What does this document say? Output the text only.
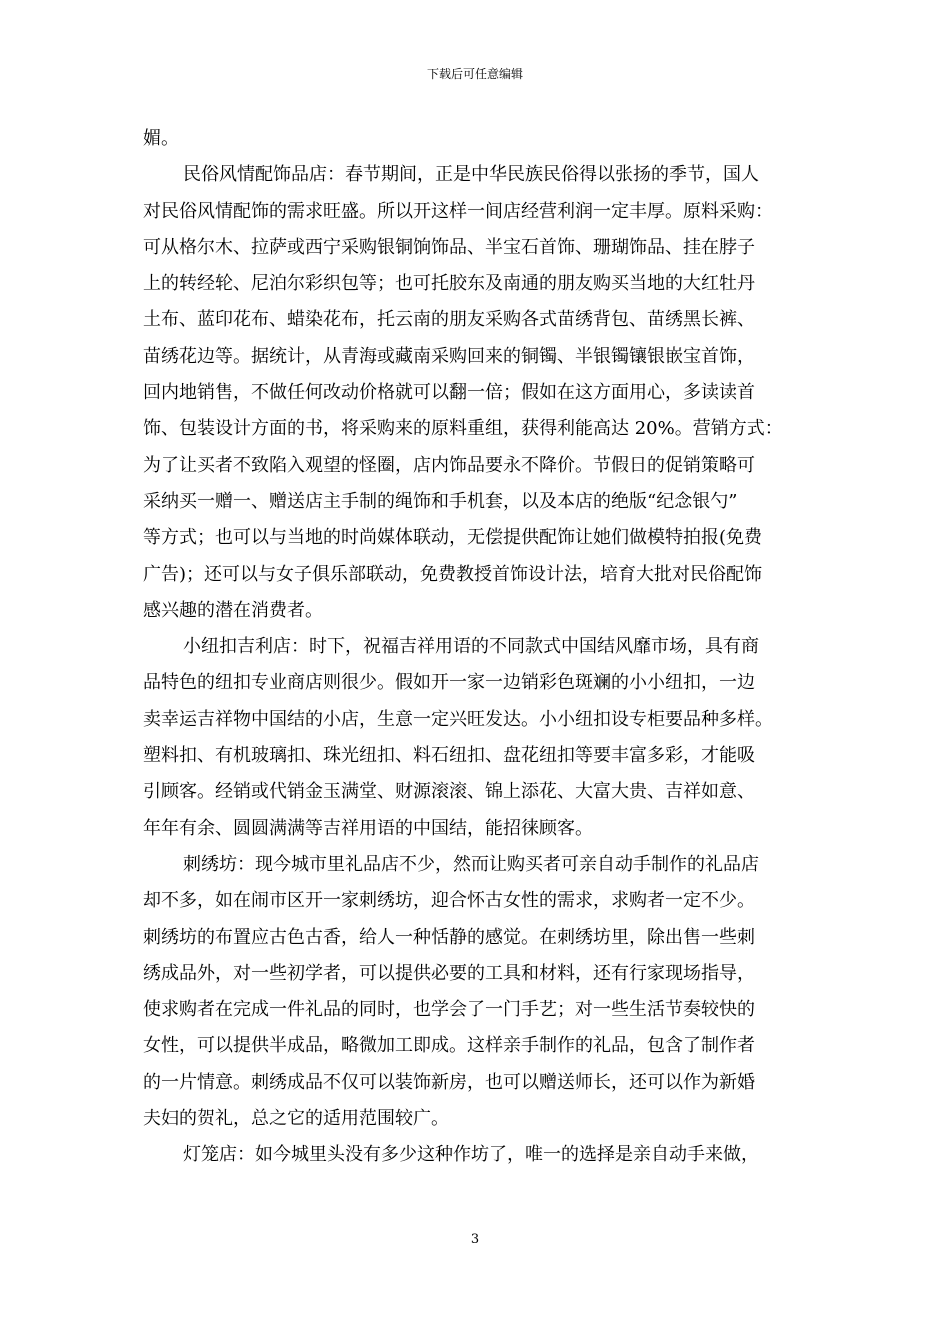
下载后可任意编辑
媚。
民俗风情配饰品店：春节期间，正是中华民族民俗得以张扬的季节，国人
对民俗风情配饰的需求旺盛。所以开这样一间店经营利润一定丰厚。原料采购：
可从格尔木、拉萨或西宁采购银铜饷饰品、半宝石首饰、珊瑚饰品、挂在脖子
上的转经轮、尼泊尔彩织包等；也可托胶东及南通的朋友购买当地的大红牡丹
土布、蓝印花布、蜡染花布，托云南的朋友采购各式苗绣背包、苗绣黑长裤、
苗绣花边等。据统计，从青海或藏南采购回来的铜镯、半银镯镶银嵌宝首饰，
回内地销售，不做任何改动价格就可以翻一倍；假如在这方面用心，多读读首
饰、包装设计方面的书，将采购来的原料重组，获得利能高达 20%。营销方式：
为了让买者不致陷入观望的怪圈，店内饰品要永不降价。节假日的促销策略可
采纳买一赠一、赠送店主手制的绳饰和手机套，以及本店的绝版“纪念银勺”
等方式；也可以与当地的时尚媒体联动，无偿提供配饰让她们做模特拍报(免费
广告)；还可以与女子俱乐部联动，免费教授首饰设计法，培育大批对民俗配饰
感兴趣的潜在消费者。
小纽扣吉利店：时下，祝福吉祥用语的不同款式中国结风靡市场，具有商
品特色的纽扣专业商店则很少。假如开一家一边销彩色斑斓的小小纽扣，一边
卖幸运吉祥物中国结的小店，生意一定兴旺发达。小小纽扣设专柜要品种多样。
塑料扣、有机玻璃扣、珠光纽扣、料石纽扣、盘花纽扣等要丰富多彩，才能吸
引顾客。经销或代销金玉满堂、财源滚滚、锦上添花、大富大贵、吉祥如意、
年年有余、圆圆满满等吉祥用语的中国结，能招徕顾客。
刺绣坊：现今城市里礼品店不少，然而让购买者可亲自动手制作的礼品店
却不多，如在闹市区开一家刺绣坊，迎合怀古女性的需求，求购者一定不少。
刺绣坊的布置应古色古香，给人一种恬静的感觉。在刺绣坊里，除出售一些刺
绣成品外，对一些初学者，可以提供必要的工具和材料，还有行家现场指导，
使求购者在完成一件礼品的同时，也学会了一门手艺；对一些生活节奏较快的
女性，可以提供半成品，略微加工即成。这样亲手制作的礼品，包含了制作者
的一片情意。刺绣成品不仅可以装饰新房，也可以赠送师长，还可以作为新婚
夫妇的贺礼，总之它的适用范围较广。
灯笼店：如今城里头没有多少这种作坊了，唯一的选择是亲自动手来做，
3
